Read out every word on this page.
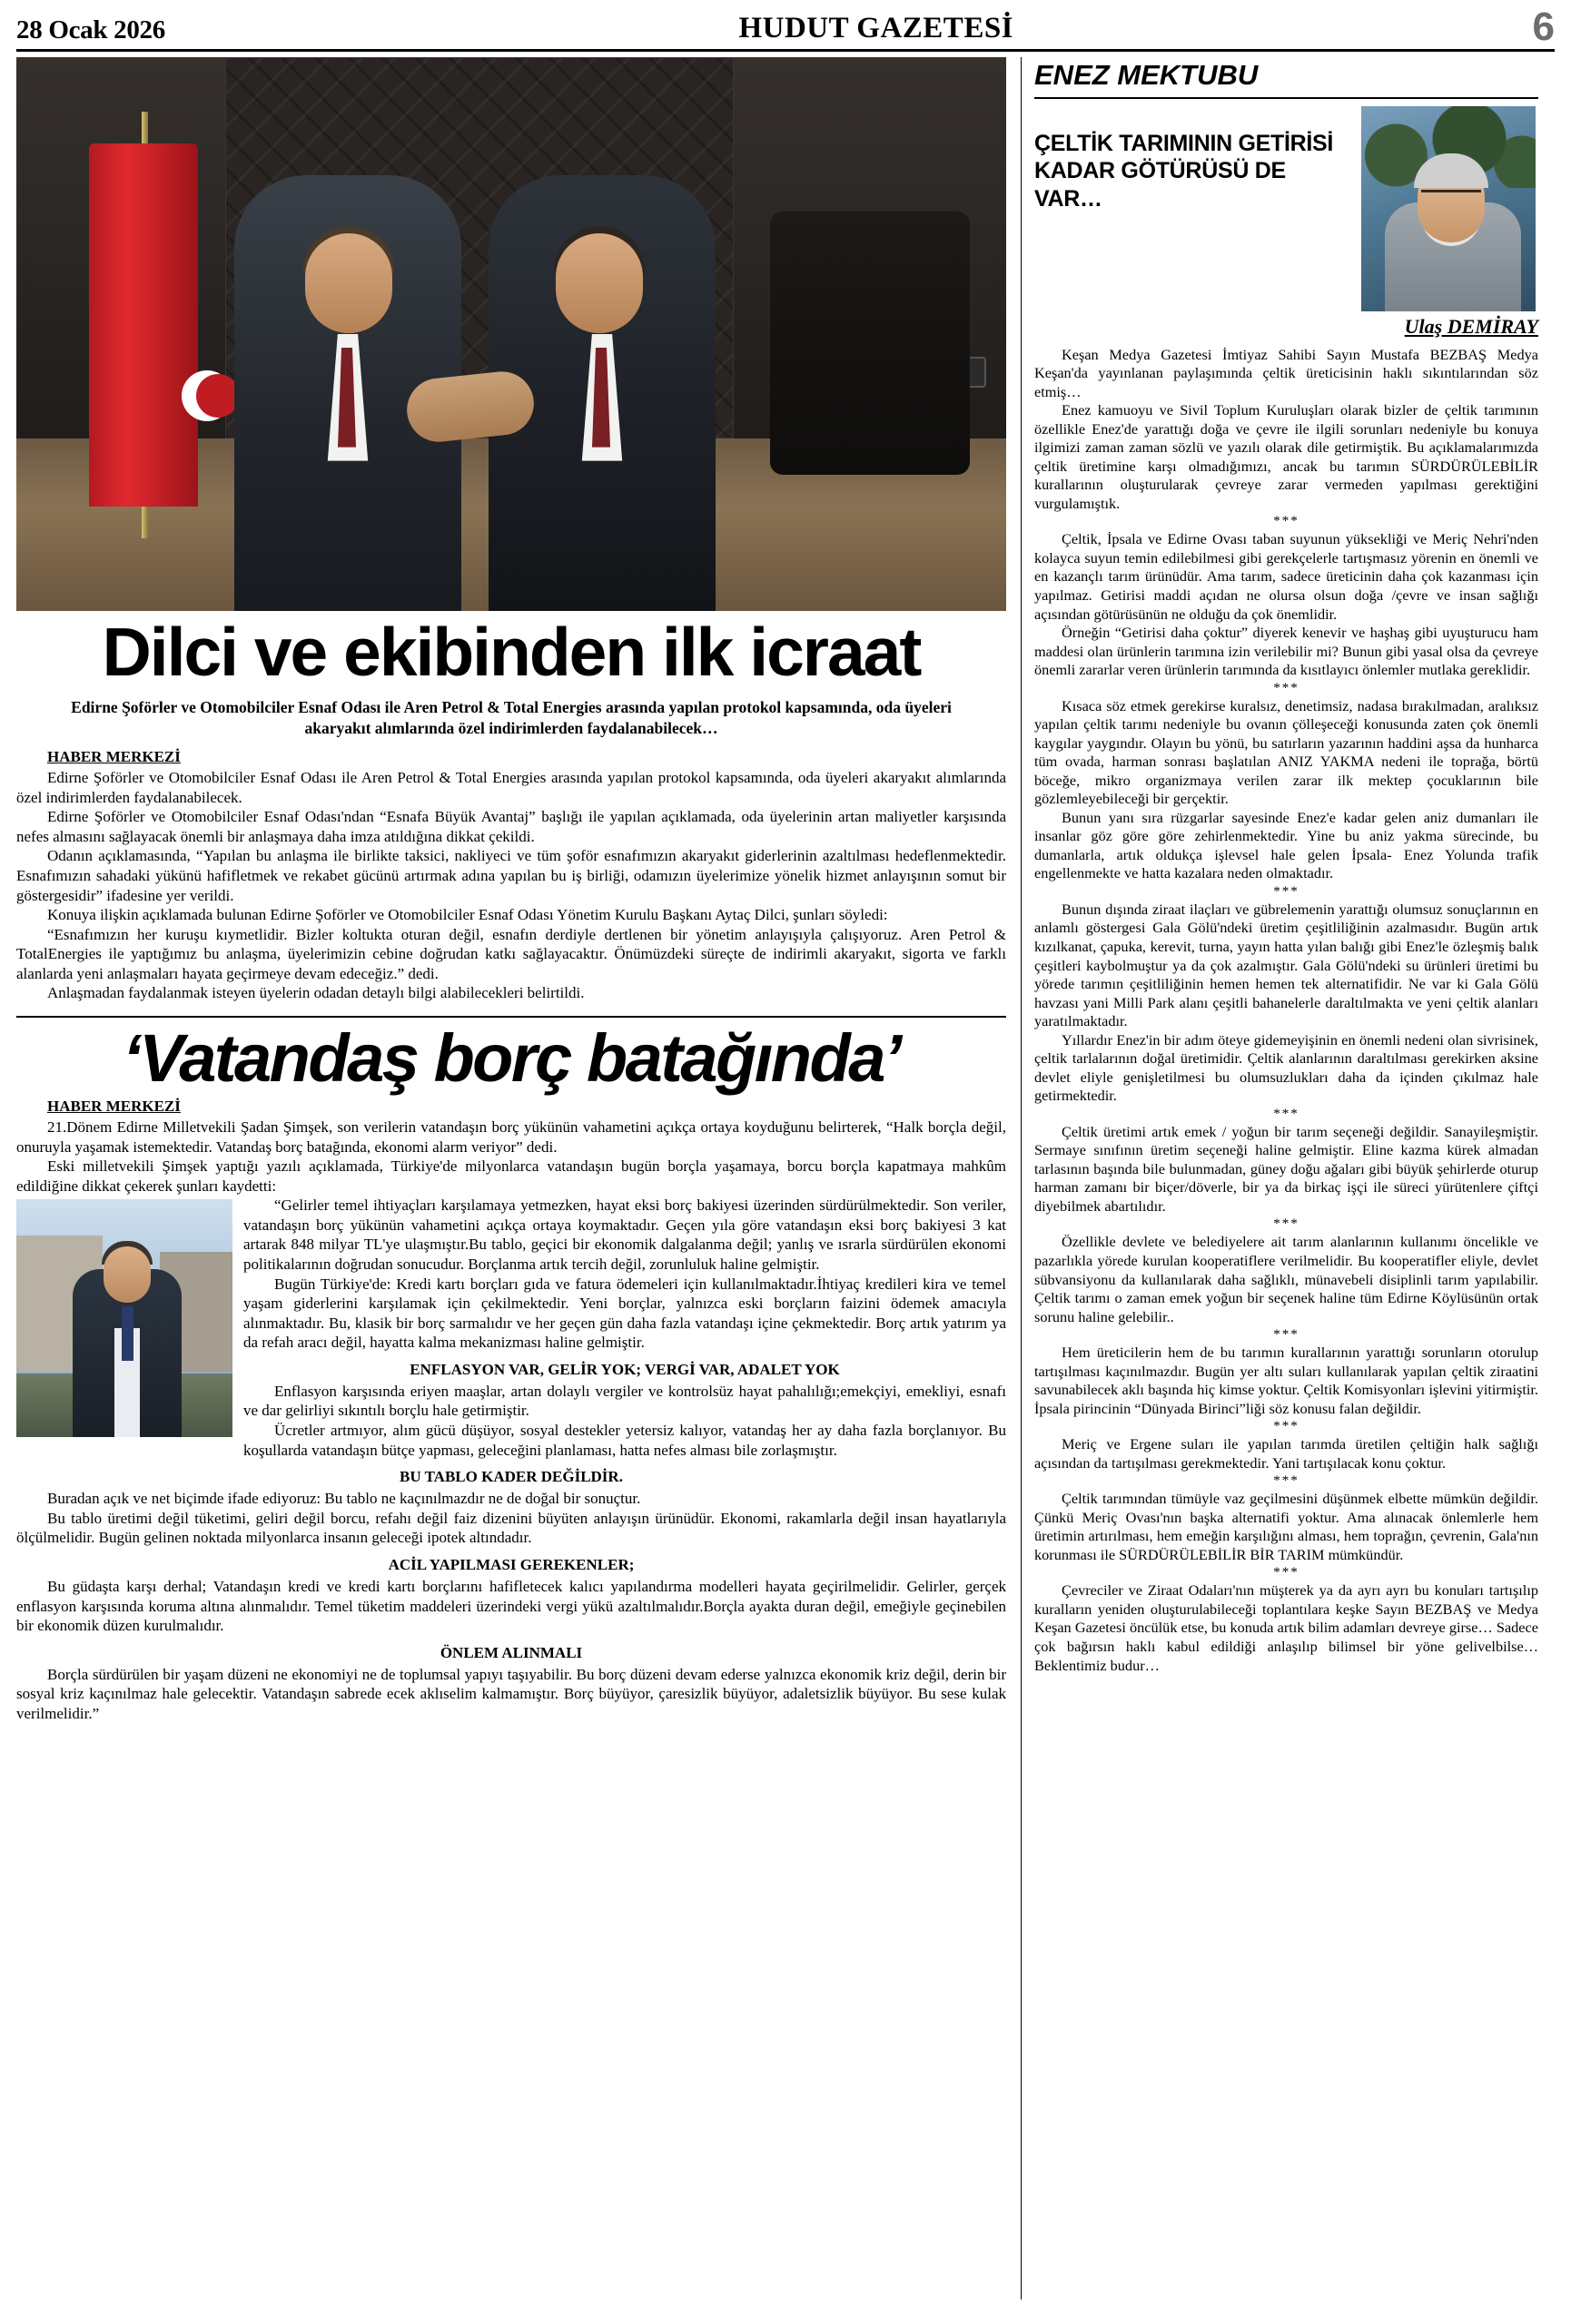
28 Ocak 2026	HUDUT GAZETESİ	6
Dilci ve ekibinden ilk icraat
Edirne Şoförler ve Otomobilciler Esnaf Odası ile Aren Petrol & Total Energies arasında yapılan protokol kapsamında, oda üyeleri akaryakıt alımlarında özel indirimlerden faydalanabilecek…
HABER MERKEZİ

Edirne Şoförler ve Otomobilciler Esnaf Odası ile Aren Petrol & Total Energies arasında yapılan protokol kapsamında, oda üyeleri akaryakıt alımlarında özel indirimlerden faydalanabilecek.

Edirne Şoförler ve Otomobilciler Esnaf Odası'ndan “Esnafa Büyük Avantaj” başlığı ile yapılan açıklamada, oda üyelerinin artan maliyetler karşısında nefes almasını sağlayacak önemli bir anlaşmaya daha imza atıldığına dikkat çekildi.

Odanın açıklamasında, “Yapılan bu anlaşma ile birlikte taksici, nakliyeci ve tüm şoför esnafımızın akaryakıt giderlerinin azaltılması hedeflenmektedir. Esnafımızın sahadaki yükünü hafifletmek ve rekabet gücünü artırmak adına yapılan bu iş birliği, odamızın üyelerimize yönelik hizmet anlayışının somut bir göstergesidir” ifadesine yer verildi.

Konuya ilişkin açıklamada bulunan Edirne Şoförler ve Otomobilciler Esnaf Odası Yönetim Kurulu Başkanı Aytaç Dilci, şunları söyledi:

“Esnafımızın her kuruşu kıymetlidir. Bizler koltukta oturan değil, esnafın derdiyle dertlenen bir yönetim anlayışıyla çalışıyoruz. Aren Petrol & TotalEnergies ile yaptığımız bu anlaşma, üyelerimizin cebine doğrudan katkı sağlayacaktır. Önümüzdeki süreçte de indirimli akaryakıt, sigorta ve farklı alanlarda yeni anlaşmaları hayata geçirmeye devam edeceğiz.” dedi.

Anlaşmadan faydalanmak isteyen üyelerin odadan detaylı bilgi alabilecekleri belirtildi.

‘Vatandaş borç batağında’
HABER MERKEZİ

21.Dönem Edirne Milletvekili Şadan Şimşek, son verilerin vatandaşın borç yükünün vahametini açıkça ortaya koyduğunu belirterek, “Halk borçla değil, onuruyla yaşamak istemektedir. Vatandaş borç batağında, ekonomi alarm veriyor” dedi.

Eski milletvekili Şimşek yaptığı yazılı açıklamada, Türkiye'de milyonlarca vatandaşın bugün borçla yaşamaya, borcu borçla kapatmaya mahkûm edildiğine dikkat çekerek şunları kaydetti:

“Gelirler temel ihtiyaçları karşılamaya yetmezken, hayat eksi borç bakiyesi üzerinden sürdürülmektedir. Son veriler, vatandaşın borç yükünün vahametini açıkça ortaya koymaktadır. Geçen yıla göre vatandaşın eksi borç bakiyesi 3 kat artarak 848 milyar TL'ye ulaşmıştır.Bu tablo, geçici bir ekonomik dalgalanma değil; yanlış ve ısrarla sürdürülen ekonomi politikalarının doğrudan sonucudur. Borçlanma artık tercih değil, zorunluluk haline gelmiştir.

Bugün Türkiye'de: Kredi kartı borçları gıda ve fatura ödemeleri için kullanılmaktadır.İhtiyaç kredileri kira ve temel yaşam giderlerini karşılamak için çekilmektedir. Yeni borçlar, yalnızca eski borçların faizini ödemek amacıyla alınmaktadır. Bu, klasik bir borç sarmalıdır ve her geçen gün daha fazla vatandaşı içine çekmektedir. Borç artık yatırım ya da refah aracı değil, hayatta kalma mekanizması haline gelmiştir.

ENFLASYON VAR, GELİR YOK; VERGİ VAR, ADALET YOK

Enflasyon karşısında eriyen maaşlar, artan dolaylı vergiler ve kontrolsüz hayat pahalılığı;emekçiyi, emekliyi, esnafı ve dar gelirliyi sıkıntılı borçlu hale getirmiştir.

Ücretler artmıyor, alım gücü düşüyor, sosyal destekler yetersiz kalıyor, vatandaş her ay daha fazla borçlanıyor. Bu koşullarda vatandaşın bütçe yapması, geleceğini planlaması, hatta nefes alması bile zorlaşmıştır.

BU TABLO KADER DEĞİLDİR.

Buradan açık ve net biçimde ifade ediyoruz: Bu tablo ne kaçınılmazdır ne de doğal bir sonuçtur.

Bu tablo üretimi değil tüketimi, geliri değil borcu, refahı değil faiz dizenini büyüten anlayışın ürünüdür. Ekonomi, rakamlarla değil insan hayatlarıyla ölçülmelidir. Bugün gelinen noktada milyonlarca insanın geleceği ipotek altındadır.

ACİL YAPILMASI GEREKENLER;

Bu güdaşta karşı derhal; Vatandaşın kredi ve kredi kartı borçlarını hafifletecek kalıcı yapılandırma modelleri hayata geçirilmelidir. Gelirler, gerçek enflasyon karşısında koruma altına alınmalıdır. Temel tüketim maddeleri üzerindeki vergi yükü azaltılmalıdır.Borçla ayakta duran değil, emeğiyle geçinebilen bir ekonomik düzen kurulmalıdır.

ÖNLEM ALINMALI

Borçla sürdürülen bir yaşam düzeni ne ekonomiyi ne de toplumsal yapıyı taşıyabilir. Bu borç düzeni devam ederse yalnızca ekonomik kriz değil, derin bir sosyal kriz kaçınılmaz hale gelecektir. Vatandaşın sabrede ecek aklıselim kalmamıştır. Borç büyüyor, çaresizlik büyüyor, adaletsizlik büyüyor. Bu sese kulak verilmelidir.”

ENEZ MEKTUBU
ÇELTİK TARIMININ GETİRİSİ KADAR GÖTÜRÜSÜ DE VAR…
Ulaş DEMİRAY

Keşan Medya Gazetesi İmtiyaz Sahibi Sayın Mustafa BEZBAŞ Medya Keşan'da yayınlanan paylaşımında çeltik üreticisinin haklı sıkıntılarından söz etmiş…

Enez kamuoyu ve Sivil Toplum Kuruluşları olarak bizler de çeltik tarımının özellikle Enez'de yarattığı doğa ve çevre ile ilgili sorunları nedeniyle bu konuya ilgimizi zaman zaman sözlü ve yazılı olarak dile getirmiştik. Bu açıklamalarımızda çeltik üretimine karşı olmadığımızı, ancak bu tarımın SÜRDÜRÜLEBİLİR kurallarının oluşturularak çevreye zarar vermeden yapılması gerektiğini vurgulamıştık.

***

Çeltik, İpsala ve Edirne Ovası taban suyunun yüksekliği ve Meriç Nehri'nden kolayca suyun temin edilebilmesi gibi gerekçelerle tartışmasız yörenin en önemli ve en kazançlı tarım ürünüdür. Ama tarım, sadece üreticinin daha çok kazanması için yapılmaz. Getirisi maddi açıdan ne olursa olsun doğa /çevre ve insan sağlığı açısından götürüsünün ne olduğu da çok önemlidir.

Örneğin “Getirisi daha çoktur” diyerek kenevir ve haşhaş gibi uyuşturucu ham maddesi olan ürünlerin tarımına izin verilebilir mi? Bunun gibi yasal olsa da çevreye önemli zararlar veren ürünlerin tarımında da kısıtlayıcı önlemler mutlaka gereklidir.

***

Kısaca söz etmek gerekirse kuralsız, denetimsiz, nadasa bırakılmadan, aralıksız yapılan çeltik tarımı nedeniyle bu ovanın çölleşeceği konusunda zaten çok önemli kaygılar yaygındır. Olayın bu yönü, bu satırların yazarının haddini aşsa da hunharca tüm ovada, harman sonrası başlatılan ANIZ YAKMA nedeni ile toprağa, börtü böceğe, mikro organizmaya verilen zarar ilk mektep çocuklarının bile gözlemleyebileceği bir gerçektir.

Bunun yanı sıra rüzgarlar sayesinde Enez'e kadar gelen aniz dumanları ile insanlar göz göre göre zehirlenmektedir. Yine bu aniz yakma sürecinde, bu dumanlarla, artık oldukça işlevsel hale gelen İpsala- Enez Yolunda trafik engellenmekte ve hatta kazalara neden olmaktadır.

***

Bunun dışında ziraat ilaçları ve gübrelemenin yarattığı olumsuz sonuçlarının en anlamlı göstergesi Gala Gölü'ndeki üretim çeşitliliğinin azalmasıdır. Bugün artık kızılkanat, çapuka, kerevit, turna, yayın hatta yılan balığı gibi Enez'le özleşmiş balık çeşitleri kaybolmuştur ya da çok azalmıştır. Gala Gölü'ndeki su ürünleri üretimi bu yörede tarımın çeşitliliğinin hemen hemen tek alternatifidir. Ne var ki Gala Gölü havzası yani Milli Park alanı çeşitli bahanelerle daraltılmakta ve yeni çeltik alanları yaratılmaktadır.

Yıllardır Enez'in bir adım öteye gidemeyişinin en önemli nedeni olan sivrisinek, çeltik tarlalarının doğal üretimidir. Çeltik alanlarının daraltılması gerekirken aksine devlet eliyle genişletilmesi bu olumsuzlukları daha da içinden çıkılmaz hale getirmektedir.

***

Çeltik üretimi artık emek / yoğun bir tarım seçeneği değildir. Sanayileşmiştir. Sermaye sınıfının üretim seçeneği haline gelmiştir. Eline kazma kürek almadan tarlasının başında bile bulunmadan, güney doğu ağaları gibi büyük şehirlerde oturup harman zamanı bir biçer/döverle, bir ya da birkaç işçi ile süreci yürütenlere çiftçi diyebilmek abartılıdır.

***

Özellikle devlete ve belediyelere ait tarım alanlarının kullanımı öncelikle ve pazarlıkla yörede kurulan kooperatiflere verilmelidir. Bu kooperatifler eliyle, devlet sübvansiyonu da kullanılarak daha sağlıklı, münavebeli disiplinli tarım yapılabilir. Çeltik tarımı o zaman emek yoğun bir seçenek haline tüm Edirne Köylüsünün ortak sorunu haline gelebilir..

***

Hem üreticilerin hem de bu tarımın kurallarının yarattığı sorunların otorulup tartışılması kaçınılmazdır. Bugün yer altı suları kullanılarak yapılan çeltik ziraatini savunabilecek aklı başında hiç kimse yoktur. Çeltik Komisyonları işlevini yitirmiştir. İpsala pirincinin “Dünyada Birinci”liği söz konusu falan değildir.

***

Meriç ve Ergene suları ile yapılan tarımda üretilen çeltiğin halk sağlığı açısından da tartışılması gerekmektedir. Yani tartışılacak konu çoktur.

***

Çeltik tarımından tümüyle vaz geçilmesini düşünmek elbette mümkün değildir. Çünkü Meriç Ovası'nın başka alternatifi yoktur. Ama alınacak önlemlerle hem üretimin artırılması, hem emeğin karşılığını alması, hem toprağın, çevrenin, Gala'nın korunması ile SÜRDÜRÜLEBİLİR BİR TARIM mümkündür.

***

Çevreciler ve Ziraat Odaları'nın müşterek ya da ayrı ayrı bu konuları tartışılıp kuralların yeniden oluşturulabileceği toplantılara keşke Sayın BEZBAŞ ve Medya Keşan Gazetesi öncülük etse, bu konuda artık bilim adamları devreye girse… Sadece çok bağırsın haklı kabul edildiği anlaşılıp bilimsel bir yöne gelivelbilse… Beklentimiz budur…
